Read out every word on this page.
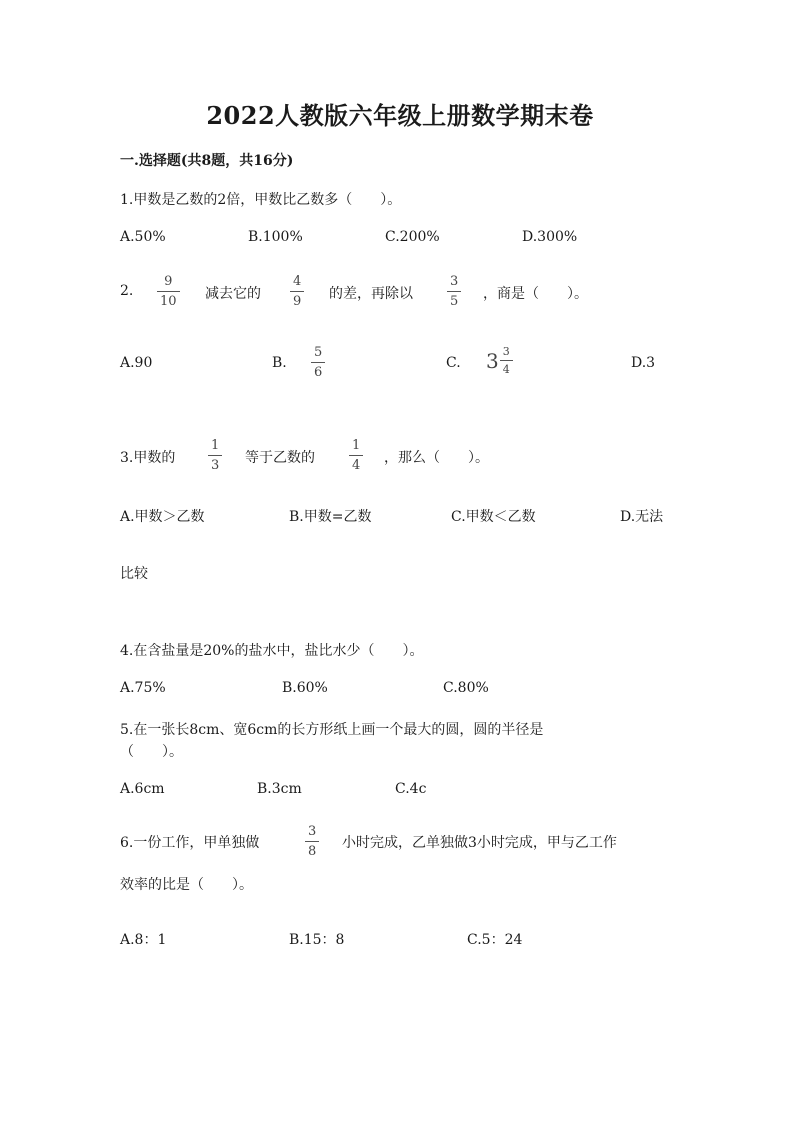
2022人教版六年级上册数学期末卷
一.选择题(共8题，共16分)
1.甲数是乙数的2倍，甲数比乙数多（　　）。
A.50%	B.100%	C.200%	D.300%
2.
9
10 减去它的
4
9 的差，再除以
3
5 ，商是（　　）。
A.90	B.
5
6
C. $3 \frac{3}{4}$	D.3
3.甲数的
1
3 等于乙数的
1
4 ，那么（　　）。
A.甲数＞乙数	B.甲数=乙数	C.甲数＜乙数	D.无法
比较
4.在含盐量是20%的盐水中，盐比水少（　　）。
A.75%	B.60%	C.80%
5.在一张长8cm、宽6cm的长方形纸上画一个最大的圆，圆的半径是
（　　）。
A.6cm	B.3cm	C.4c
6.一份工作，甲单独做
3
8
小时完成，乙单独做3小时完成，甲与乙工作
效率的比是（　　）。
A.8：1	B.15：8	C.5：24
